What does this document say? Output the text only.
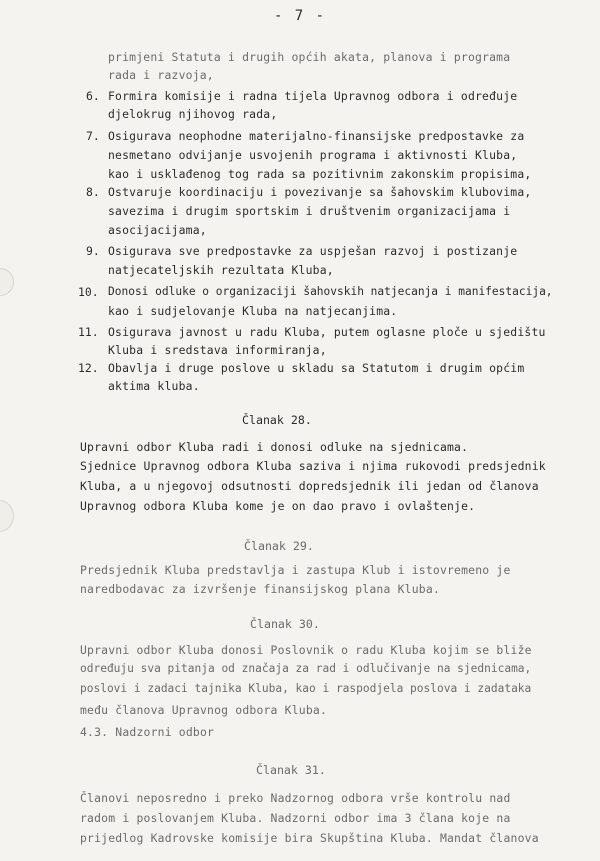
- 7 -
primjeni Statuta i drugih općih akata, planova i programa
rada i razvoja,
6. Formira komisije i radna tijela Upravnog odbora i određuje
djelokrug njihovog rada,
7. Osigurava neophodne materijalno-finansijske predpostavke za
nesmetano odvijanje usvojenih programa i aktivnosti Kluba,
kao i usklađenog tog rada sa pozitivnim zakonskim propisima,
8. Ostvaruje koordinaciju i povezivanje sa šahovskim klubovima,
savezima i drugim sportskim i društvenim organizacijama i
asocijacijama,
9. Osigurava sve predpostavke za uspješan razvoj i postizanje
natjecateljskih rezultata Kluba,
10. Donosi odluke o organizaciji šahovskih natjecanja i manifestacija,
kao i sudjelovanje Kluba na natjecanjima.
11. Osigurava javnost u radu Kluba, putem oglasne ploče u sjedištu
Kluba i sredstava informiranja,
12. Obavlja i druge poslove u skladu sa Statutom i drugim općim
aktima kluba.
Članak 28.
Upravni odbor Kluba radi i donosi odluke na sjednicama.
Sjednice Upravnog odbora Kluba saziva i njima rukovodi predsjednik
Kluba, a u njegovoj odsutnosti dopredsjednik ili jedan od članova
Upravnog odbora Kluba kome je on dao pravo i ovlaštenje.
Članak 29.
Predsjednik Kluba predstavlja i zastupa Klub i istovremeno je
naredbodavac za izvršenje finansijskog plana Kluba.
Članak 30.
Upravni odbor Kluba donosi Poslovnik o radu Kluba kojim se bliže
određuju sva pitanja od značaja za rad i odlučivanje na sjednicama,
poslovi i zadaci tajnika Kluba, kao i raspodjela poslova i zadataka
među članova Upravnog odbora Kluba.
4.3. Nadzorni odbor
Članak 31.
Članovi neposredno i preko Nadzornog odbora vrše kontrolu nad
radom i poslovanjem Kluba. Nadzorni odbor ima 3 člana koje na
prijedlog Kadrovske komisije bira Skupština Kluba. Mandat članova
